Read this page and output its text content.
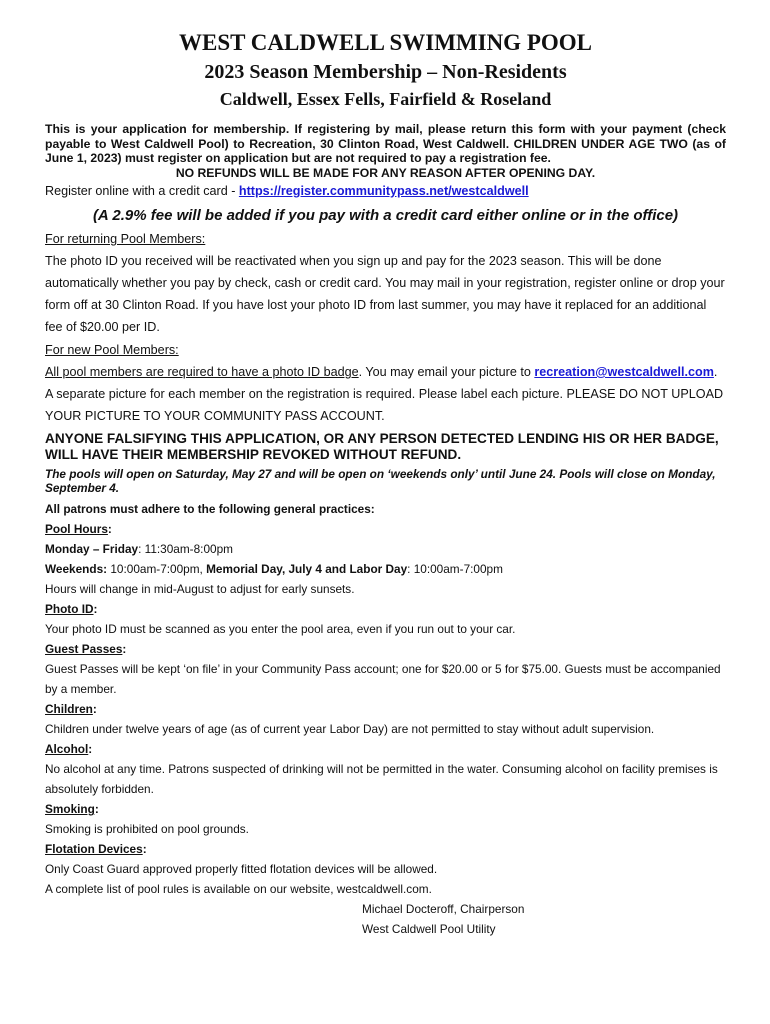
WEST CALDWELL SWIMMING POOL
2023 Season Membership – Non-Residents
Caldwell, Essex Fells, Fairfield & Roseland

This is your application for membership. If registering by mail, please return this form with your payment (check payable to West Caldwell Pool) to Recreation, 30 Clinton Road, West Caldwell. CHILDREN UNDER AGE TWO (as of June 1, 2023) must register on application but are not required to pay a registration fee.

NO REFUNDS WILL BE MADE FOR ANY REASON AFTER OPENING DAY.

Register online with a credit card - https://register.communitypass.net/westcaldwell

(A 2.9% fee will be added if you pay with a credit card either online or in the office)

For returning Pool Members:

The photo ID you received will be reactivated when you sign up and pay for the 2023 season. This will be done automatically whether you pay by check, cash or credit card. You may mail in your registration, register online or drop your form off at 30 Clinton Road. If you have lost your photo ID from last summer, you may have it replaced for an additional fee of $20.00 per ID.

For new Pool Members:

All pool members are required to have a photo ID badge. You may email your picture to recreation@westcaldwell.com. A separate picture for each member on the registration is required. Please label each picture. PLEASE DO NOT UPLOAD YOUR PICTURE TO YOUR COMMUNITY PASS ACCOUNT.

ANYONE FALSIFYING THIS APPLICATION, OR ANY PERSON DETECTED LENDING HIS OR HER BADGE, WILL HAVE THEIR MEMBERSHIP REVOKED WITHOUT REFUND.

The pools will open on Saturday, May 27 and will be open on ‘weekends only’ until June 24. Pools will close on Monday, September 4.

All patrons must adhere to the following general practices:

Pool Hours:

Monday – Friday: 11:30am-8:00pm

Weekends: 10:00am-7:00pm, Memorial Day, July 4 and Labor Day: 10:00am-7:00pm

Hours will change in mid-August to adjust for early sunsets.

Photo ID:

Your photo ID must be scanned as you enter the pool area, even if you run out to your car.

Guest Passes:

Guest Passes will be kept ‘on file’ in your Community Pass account; one for $20.00 or 5 for $75.00. Guests must be accompanied by a member.

Children:

Children under twelve years of age (as of current year Labor Day) are not permitted to stay without adult supervision.

Alcohol:

No alcohol at any time. Patrons suspected of drinking will not be permitted in the water. Consuming alcohol on facility premises is absolutely forbidden.

Smoking:

Smoking is prohibited on pool grounds.

Flotation Devices:

Only Coast Guard approved properly fitted flotation devices will be allowed.

A complete list of pool rules is available on our website, westcaldwell.com.

Michael Docteroff, Chairperson

West Caldwell Pool Utility
